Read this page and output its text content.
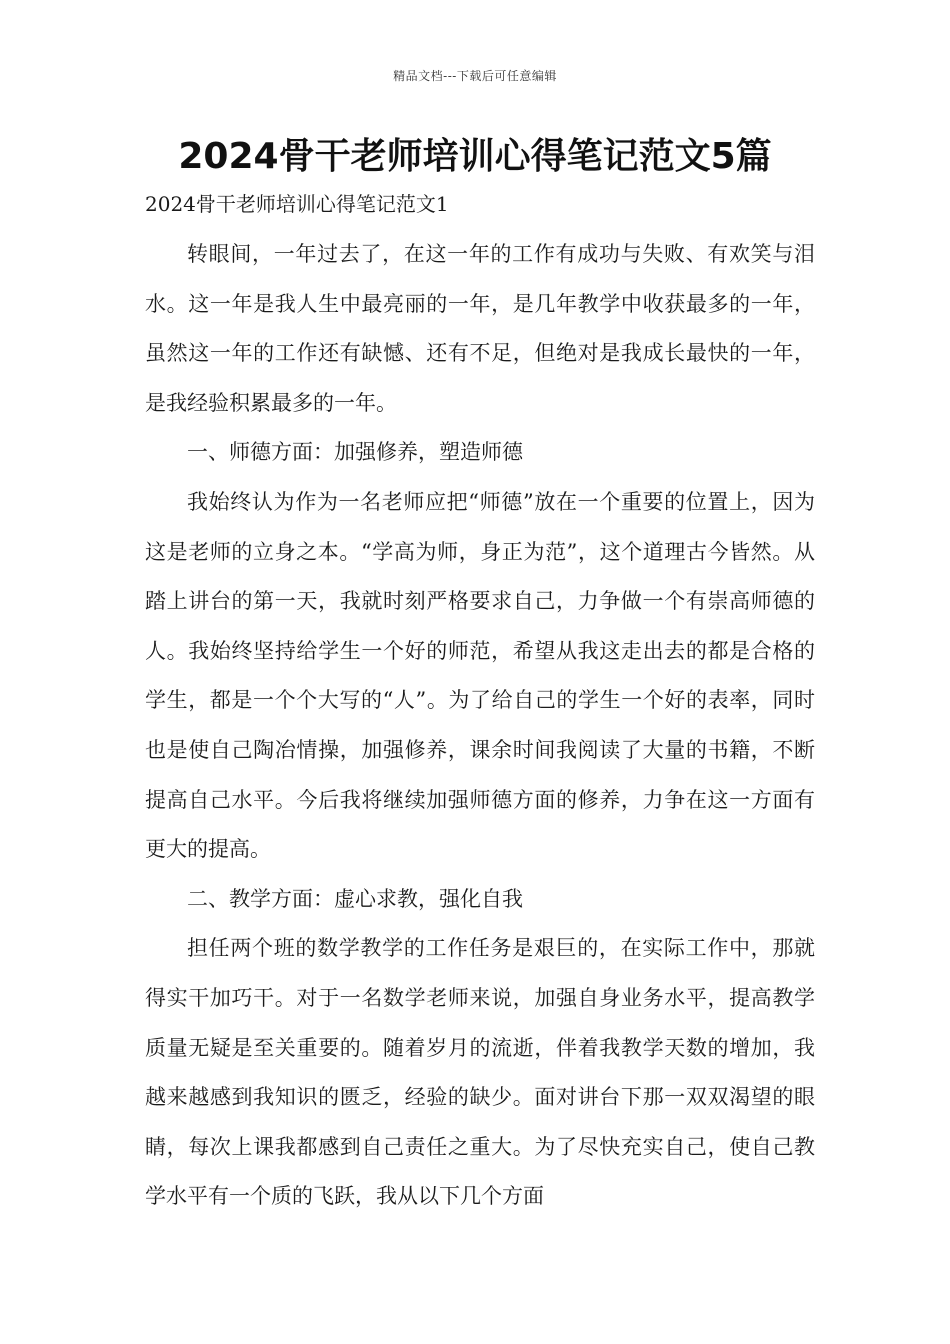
精品文档---下载后可任意编辑
2024骨干老师培训心得笔记范文5篇
2024骨干老师培训心得笔记范文1

转眼间，一年过去了，在这一年的工作有成功与失败、有欢笑与泪水。这一年是我人生中最亮丽的一年，是几年教学中收获最多的一年，虽然这一年的工作还有缺憾、还有不足，但绝对是我成长最快的一年，是我经验积累最多的一年。

一、师德方面：加强修养，塑造师德

我始终认为作为一名老师应把“师德”放在一个重要的位置上，因为这是老师的立身之本。“学高为师，身正为范”，这个道理古今皆然。从踏上讲台的第一天，我就时刻严格要求自己，力争做一个有崇高师德的人。我始终坚持给学生一个好的师范，希望从我这走出去的都是合格的学生，都是一个个大写的“人”。为了给自己的学生一个好的表率，同时也是使自己陶冶情操，加强修养，课余时间我阅读了大量的书籍，不断提高自己水平。今后我将继续加强师德方面的修养，力争在这一方面有更大的提高。

二、教学方面：虚心求教，强化自我

担任两个班的数学教学的工作任务是艰巨的，在实际工作中，那就得实干加巧干。对于一名数学老师来说，加强自身业务水平，提高教学质量无疑是至关重要的。随着岁月的流逝，伴着我教学天数的增加，我越来越感到我知识的匮乏，经验的缺少。面对讲台下那一双双渴望的眼睛，每次上课我都感到自己责任之重大。为了尽快充实自己，使自己教学水平有一个质的飞跃，我从以下几个方面
